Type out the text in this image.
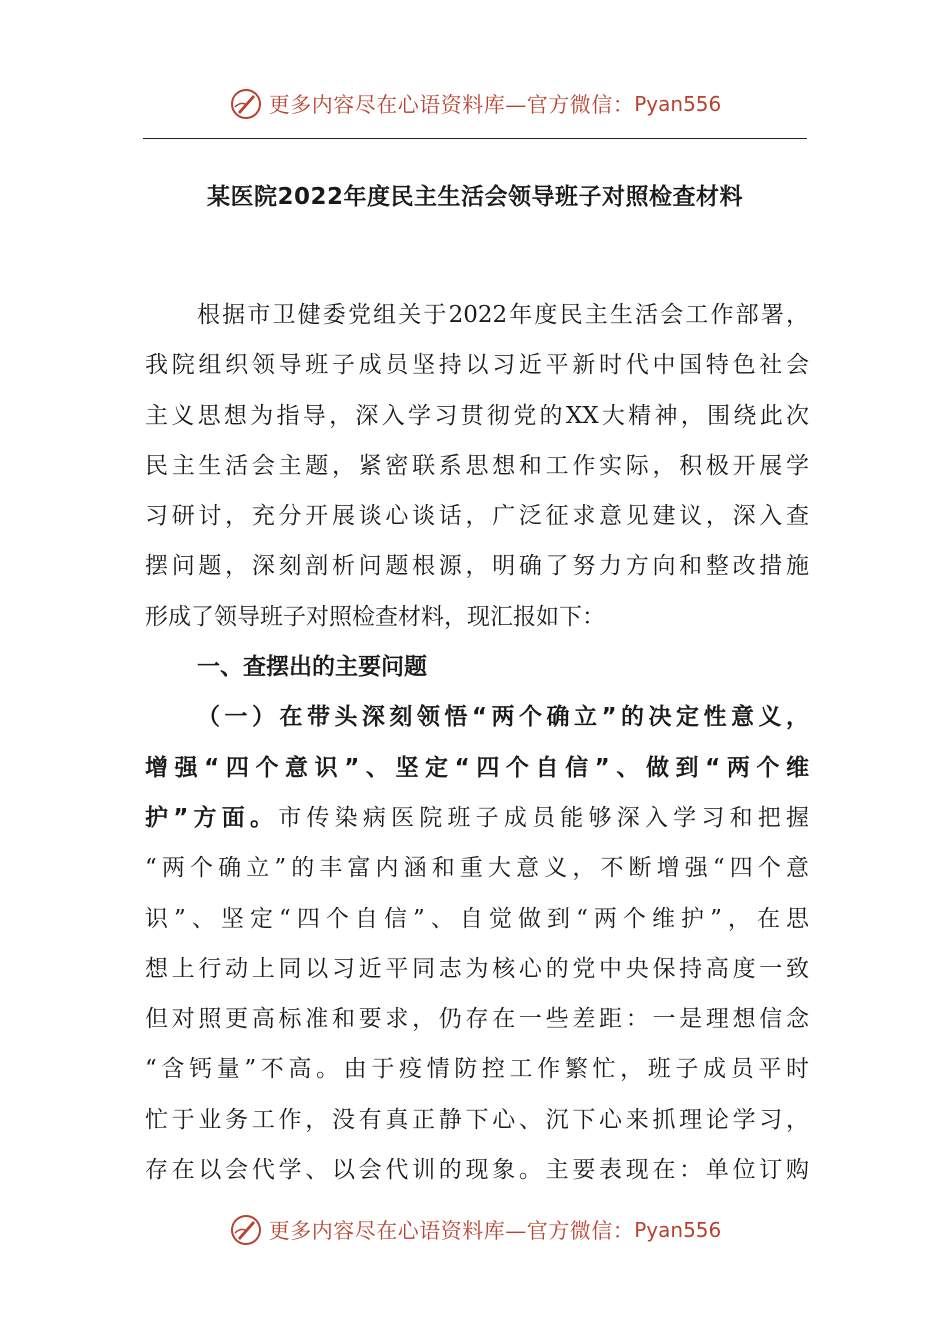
更多内容尽在心语资料库—官方微信： Pyan556
某医院2022年度民主生活会领导班子对照检查材料
根据市卫健委党组关于2022年度民主生活会工作部署，
我院组织领导班子成员坚持以习近平新时代中国特色社会
主义思想为指导，深入学习贯彻党的XX大精神，围绕此次
民主生活会主题，紧密联系思想和工作实际，积极开展学
习研讨，充分开展谈心谈话，广泛征求意见建议，深入查
摆问题，深刻剖析问题根源，明确了努力方向和整改措施
形成了领导班子对照检查材料，现汇报如下：
一、查摆出的主要问题
（一）在带头深刻领悟“两个确立”的决定性意义，
增强“四个意识”、坚定“四个自信”、做到“两个维
护”方面。市传染病医院班子成员能够深入学习和把握
“两个确立”的丰富内涵和重大意义，不断增强“四个意
识”、坚定“四个自信”、自觉做到“两个维护”，在思
想上行动上同以习近平同志为核心的党中央保持高度一致
但对照更高标准和要求，仍存在一些差距：一是理想信念
“含钙量”不高。由于疫情防控工作繁忙，班子成员平时
忙于业务工作，没有真正静下心、沉下心来抓理论学习，
存在以会代学、以会代训的现象。主要表现在：单位订购
更多内容尽在心语资料库—官方微信： Pyan556
